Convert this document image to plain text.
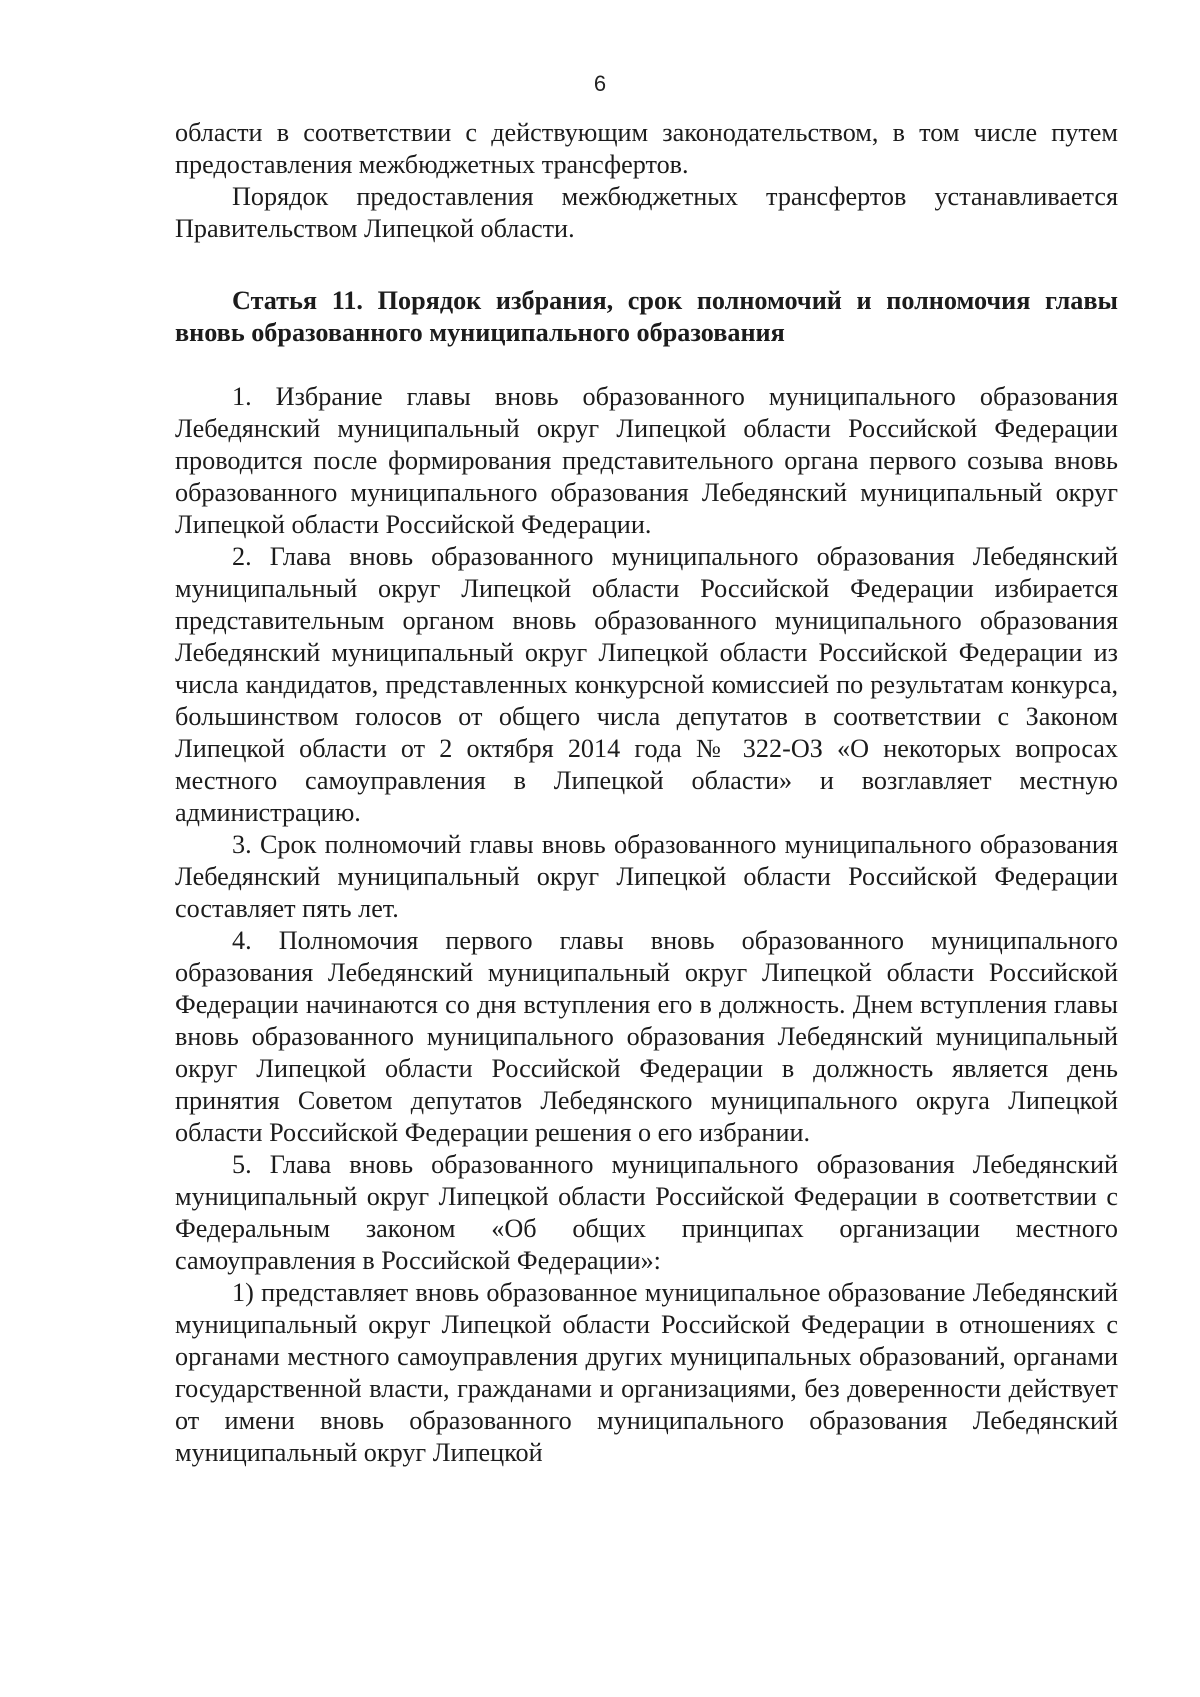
6

области в соответствии с действующим законодательством, в том числе путем предоставления межбюджетных трансфертов.

Порядок предоставления межбюджетных трансфертов устанавливается Правительством Липецкой области.

Статья 11. Порядок избрания, срок полномочий и полномочия главы вновь образованного муниципального образования

1. Избрание главы вновь образованного муниципального образования Лебедянский муниципальный округ Липецкой области Российской Федерации проводится после формирования представительного органа первого созыва вновь образованного муниципального образования Лебедянский муниципальный округ Липецкой области Российской Федерации.

2. Глава вновь образованного муниципального образования Лебедянский муниципальный округ Липецкой области Российской Федерации избирается представительным органом вновь образованного муниципального образования Лебедянский муниципальный округ Липецкой области Российской Федерации из числа кандидатов, представленных конкурсной комиссией по результатам конкурса, большинством голосов от общего числа депутатов в соответствии с Законом Липецкой области от 2 октября 2014 года № 322-ОЗ «О некоторых вопросах местного самоуправления в Липецкой области» и возглавляет местную администрацию.

3. Срок полномочий главы вновь образованного муниципального образования Лебедянский муниципальный округ Липецкой области Российской Федерации составляет пять лет.

4. Полномочия первого главы вновь образованного муниципального образования Лебедянский муниципальный округ Липецкой области Российской Федерации начинаются со дня вступления его в должность. Днем вступления главы вновь образованного муниципального образования Лебедянский муниципальный округ Липецкой области Российской Федерации в должность является день принятия Советом депутатов Лебедянского муниципального округа Липецкой области Российской Федерации решения о его избрании.

5. Глава вновь образованного муниципального образования Лебедянский муниципальный округ Липецкой области Российской Федерации в соответствии с Федеральным законом «Об общих принципах организации местного самоуправления в Российской Федерации»:

1) представляет вновь образованное муниципальное образование Лебедянский муниципальный округ Липецкой области Российской Федерации в отношениях с органами местного самоуправления других муниципальных образований, органами государственной власти, гражданами и организациями, без доверенности действует от имени вновь образованного муниципального образования Лебедянский муниципальный округ Липецкой
